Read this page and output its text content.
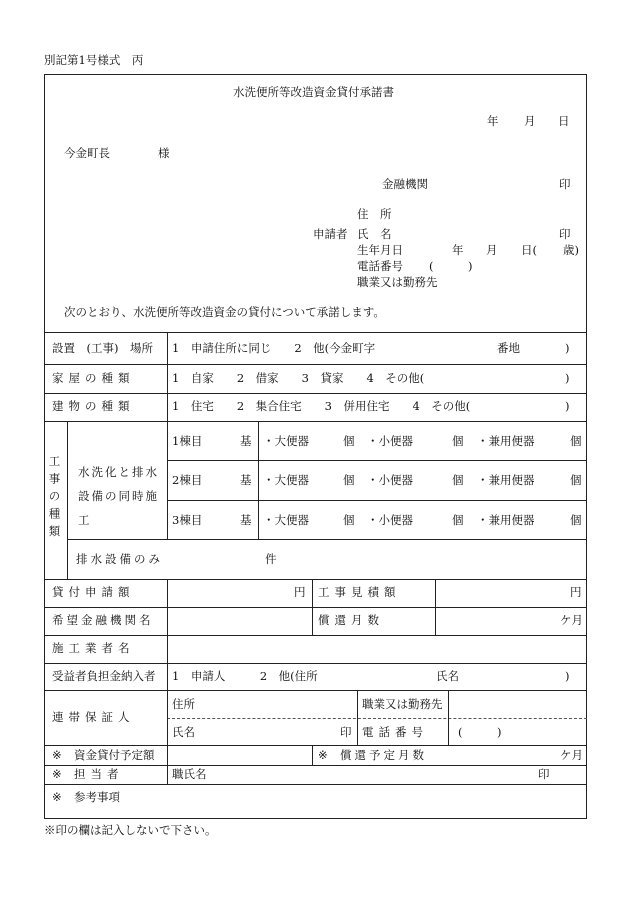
別記第1号様式　丙
水洗便所等改造資金貸付承諾書
年 月 日
今金町長	様
金融機関	印
住　所
申請者 氏　名	印
生年月日	年 月 日( 歳)
電話番号 (　　　)
職業又は勤務先
次のとおり、水洗便所等改造資金の貸付について承諾します。
設置　(工事)　場所 1　申請住所に同じ　　2　他(今金町字	番地	)
家屋の種類	1　自家　　2　借家　　3　貸家　　4　その他(	)
建物の種類	1　住宅　　2　集合住宅　　3　併用住宅　　4　その他(	)
工事の種類 水洗化と排水設備の同時施工
1棟目	基 ・大便器	個 ・小便器	個 ・兼用便器	個
2棟目	基 ・大便器	個 ・小便器	個 ・兼用便器	個
3棟目	基 ・大便器	個 ・小便器	個 ・兼用便器	個
排水設備のみ	件
貸付申請額	円 工事見積額	円
希望金融機関名	償還月数	ケ月
施工業者名
受益者負担金納入者 1　申請人　　　2　他(住所	氏名	)
連帯保証人
住所	職業又は勤務先
氏名	印 電話番号	(　　　)
※ 資金貸付予定額	※ 償還予定月数	ケ月
※ 担当者	職氏名	印
※ 参考事項
※印の欄は記入しないで下さい。
